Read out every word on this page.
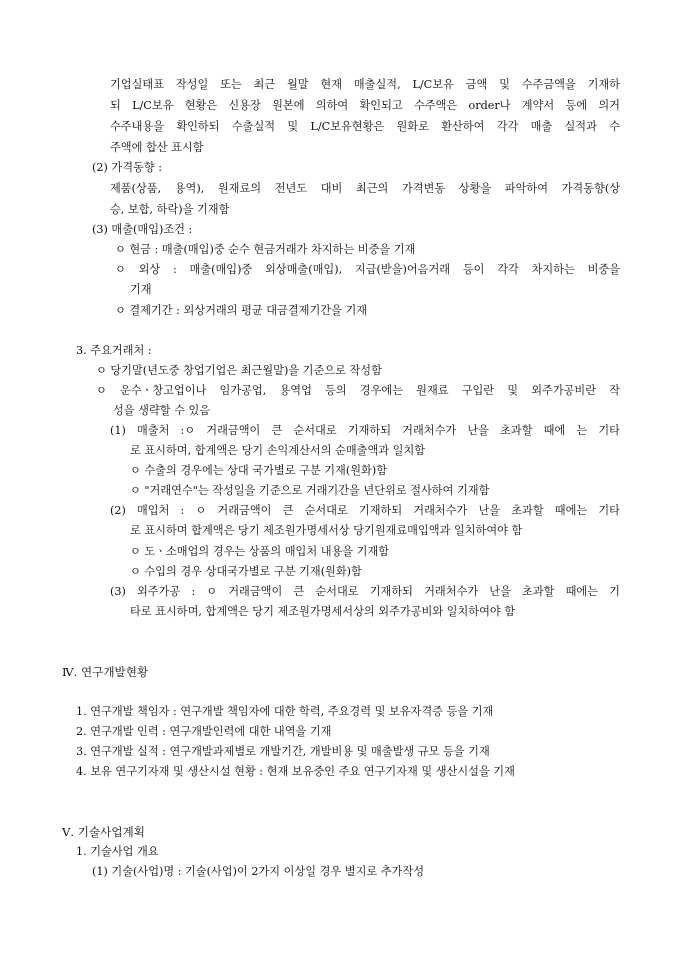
기업실태표 작성일 또는 최근 월말 현재 매출실적, L/C보유 금액 및 수주금액을 기재하
되 L/C보유 현황은 신용장 원본에 의하여 확인되고 수주액은 order나 계약서 등에 의거
수주내용을 확인하되 수출실적 및 L/C보유현황은 원화로 환산하여 각각 매출 실적과 수
주액에 합산 표시함
(2) 가격동향 :
제품(상품, 용역), 원재료의 전년도 대비 최근의 가격변동 상황을 파악하여 가격동향(상
승, 보합, 하락)을 기재함
(3) 매출(매입)조건 :
ㅇ 현금 : 매출(매입)중 순수 현금거래가 차지하는 비중을 기재
ㅇ 외상 : 매출(매입)중 외상매출(매입), 지급(받을)어음거래 등이 각각 차지하는 비중을
기재
ㅇ 결제기간 : 외상거래의 평균 대금결제기간을 기재
3. 주요거래처 :
ㅇ 당기말(년도중 창업기업은 최근월말)을 기준으로 작성함
ㅇ 운수ㆍ창고업이나 임가공업, 용역업 등의 경우에는 원재료 구입란 및 외주가공비란 작
성을 생략할 수 있음
(1) 매출처 :ㅇ 거래금액이 큰 순서대로 기재하되 거래처수가 난을 초과할 때에 는 기타
로 표시하며, 합계액은 당기 손익계산서의 순매출액과 일치함
ㅇ 수출의 경우에는 상대 국가별로 구분 기재(원화)함
ㅇ "거래연수"는 작성일을 기준으로 거래기간을 년단위로 절사하여 기재함
(2) 매입처 : ㅇ 거래금액이 큰 순서대로 기재하되 거래처수가 난을 초과할 때에는 기타
로 표시하며 합계액은 당기 제조원가명세서상 당기원재료매입액과 일치하여야 함
ㅇ 도ㆍ소매업의 경우는 상품의 매입처 내용을 기재함
ㅇ 수입의 경우 상대국가별로 구분 기재(원화)함
(3) 외주가공 : ㅇ 거래금액이 큰 순서대로 기재하되 거래처수가 난을 초과할 때에는 기
타로 표시하며, 합계액은 당기 제조원가명세서상의 외주가공비와 일치하여야 함
Ⅳ. 연구개발현황
1. 연구개발 책임자 : 연구개발 책임자에 대한 학력, 주요경력 및 보유자격증 등을 기재
2. 연구개발 인력 : 연구개발인력에 대한 내역을 기재
3. 연구개발 실적 : 연구개발과제별로 개발기간, 개발비용 및 매출발생 규모 등을 기재
4. 보유 연구기자재 및 생산시설 현황 : 현재 보유중인 주요 연구기자재 및 생산시설을 기재
Ⅴ. 기술사업계획
1. 기술사업 개요
(1) 기술(사업)명 : 기술(사업)이 2가지 이상일 경우 별지로 추가작성
